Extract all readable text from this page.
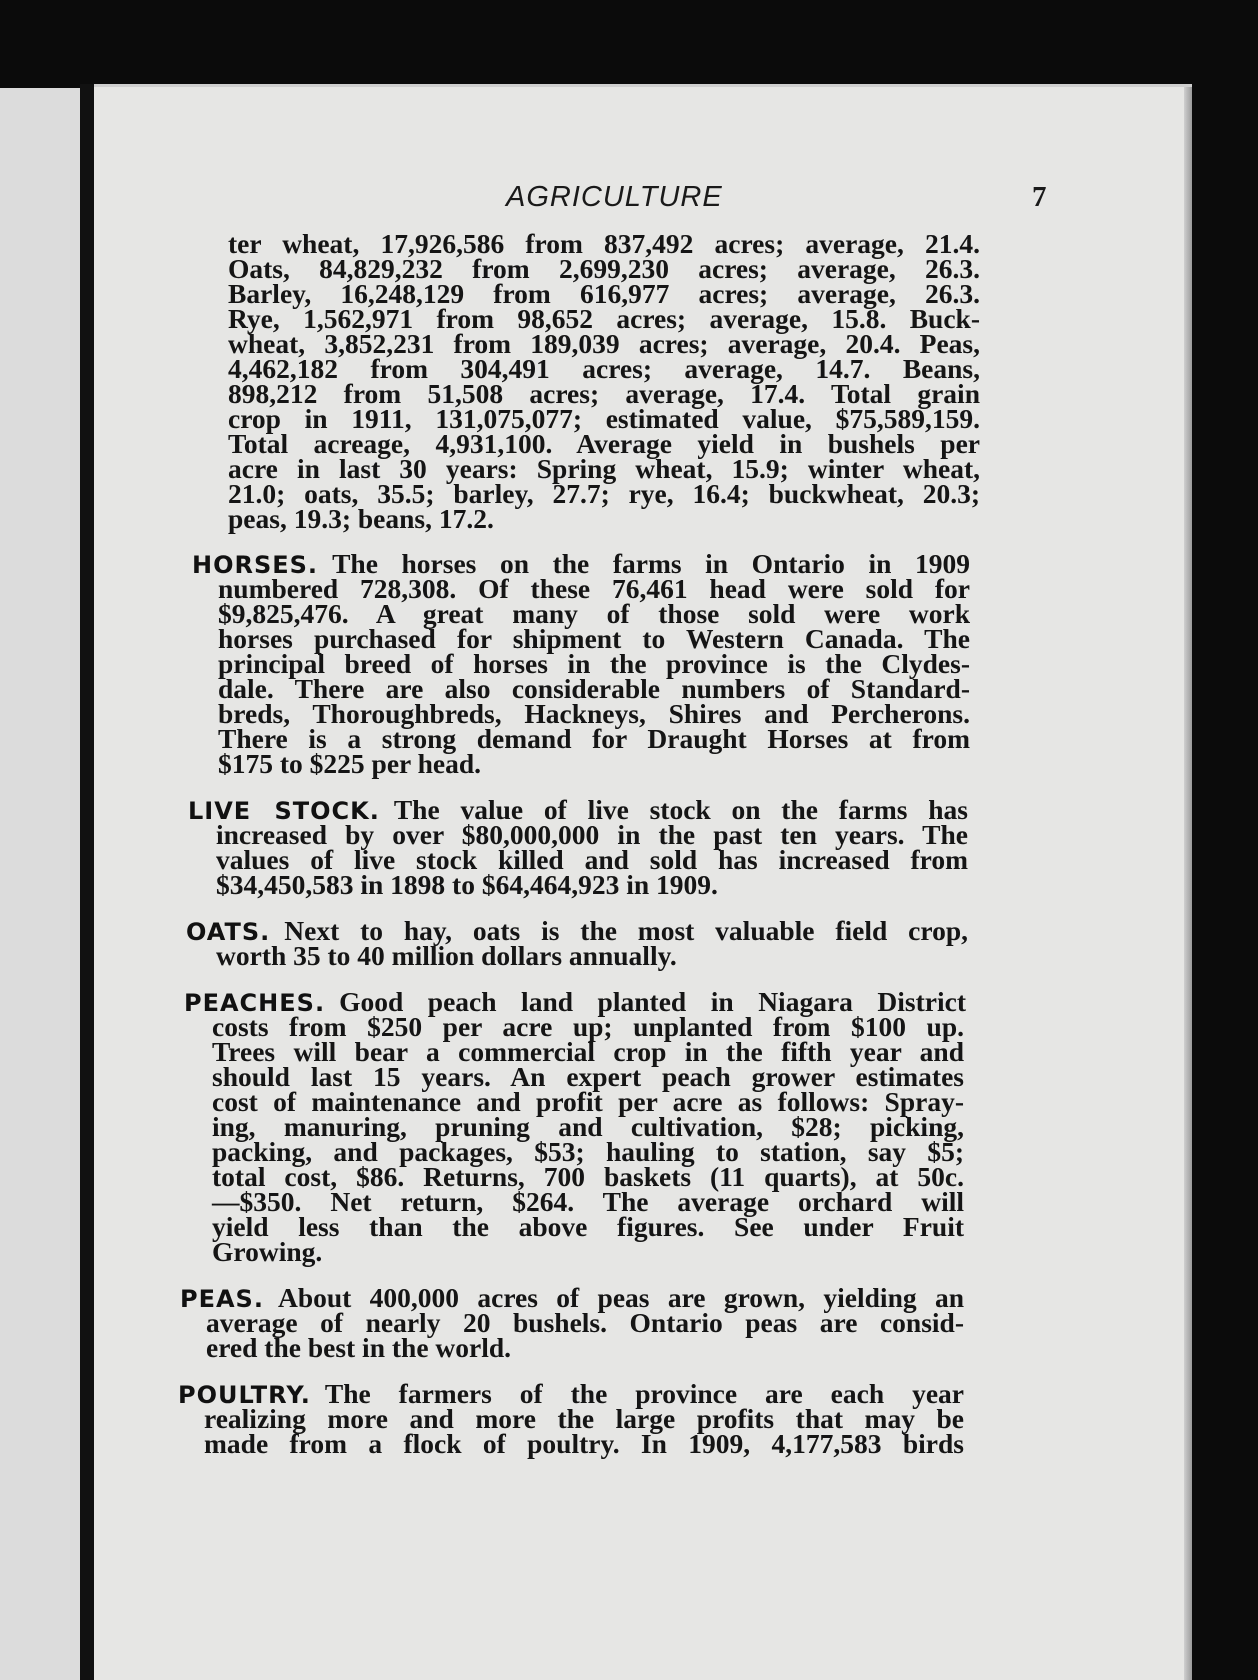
AGRICULTURE	7
ter wheat, 17,926,586 from 837,492 acres; average, 21.4.
Oats, 84,829,232 from 2,699,230 acres; average, 26.3.
Barley, 16,248,129 from 616,977 acres; average, 26.3.
Rye, 1,562,971 from 98,652 acres; average, 15.8. Buck-
wheat, 3,852,231 from 189,039 acres; average, 20.4. Peas,
4,462,182 from 304,491 acres; average, 14.7. Beans,
898,212 from 51,508 acres; average, 17.4. Total grain
crop in 1911, 131,075,077; estimated value, $75,589,159.
Total acreage, 4,931,100. Average yield in bushels per
acre in last 30 years: Spring wheat, 15.9; winter wheat,
21.0; oats, 35.5; barley, 27.7; rye, 16.4; buckwheat, 20.3;
peas, 19.3; beans, 17.2.
HORSES. The horses on the farms in Ontario in 1909
numbered 728,308. Of these 76,461 head were sold for
$9,825,476. A great many of those sold were work
horses purchased for shipment to Western Canada. The
principal breed of horses in the province is the Clydes-
dale. There are also considerable numbers of Standard-
breds, Thoroughbreds, Hackneys, Shires and Percherons.
There is a strong demand for Draught Horses at from
$175 to $225 per head.
LIVE STOCK. The value of live stock on the farms has
increased by over $80,000,000 in the past ten years. The
values of live stock killed and sold has increased from
$34,450,583 in 1898 to $64,464,923 in 1909.
OATS. Next to hay, oats is the most valuable field crop,
worth 35 to 40 million dollars annually.
PEACHES. Good peach land planted in Niagara District
costs from $250 per acre up; unplanted from $100 up.
Trees will bear a commercial crop in the fifth year and
should last 15 years. An expert peach grower estimates
cost of maintenance and profit per acre as follows: Spray-
ing, manuring, pruning and cultivation, $28; picking,
packing, and packages, $53; hauling to station, say $5;
total cost, $86. Returns, 700 baskets (11 quarts), at 50c.
—$350. Net return, $264. The average orchard will
yield less than the above figures. See under Fruit
Growing.
PEAS. About 400,000 acres of peas are grown, yielding an
average of nearly 20 bushels. Ontario peas are consid-
ered the best in the world.
POULTRY. The farmers of the province are each year
realizing more and more the large profits that may be
made from a flock of poultry. In 1909, 4,177,583 birds
